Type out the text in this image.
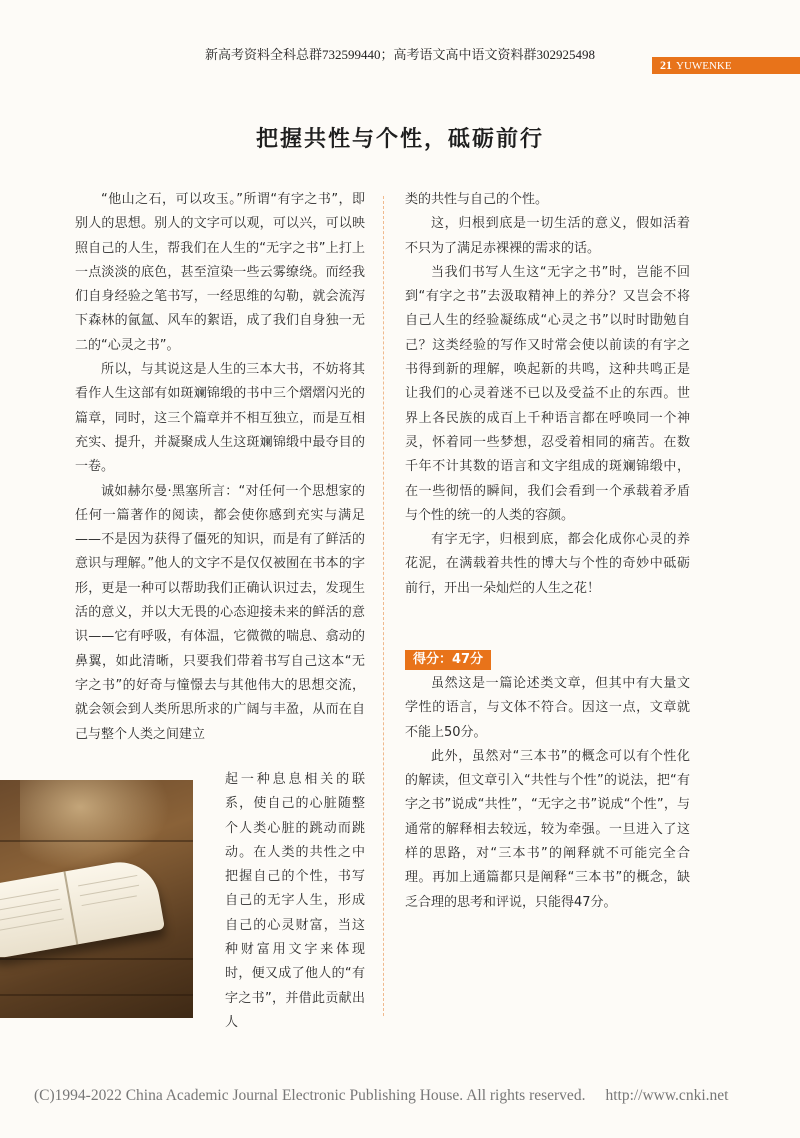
新高考资料全科总群732599440；高考语文高中语文资料群302925498
21 YUWENKE
把握共性与个性，砥砺前行

“他山之石，可以攻玉。”所谓“有字之书”，即别人的思想。别人的文字可以观，可以兴，可以映照自己的人生，帮我们在人生的“无字之书”上打上一点淡淡的底色，甚至渲染一些云雾缭绕。而经我们自身经验之笔书写，一经思维的勾勒，就会流泻下森林的氤氲、风车的絮语，成了我们自身独一无二的“心灵之书”。

所以，与其说这是人生的三本大书，不妨将其看作人生这部有如斑斓锦缎的书中三个熠熠闪光的篇章，同时，这三个篇章并不相互独立，而是互相充实、提升，并凝聚成人生这斑斓锦缎中最夺目的一卷。

诚如赫尔曼·黑塞所言：“对任何一个思想家的任何一篇著作的阅读，都会使你感到充实与满足——不是因为获得了僵死的知识，而是有了鲜活的意识与理解。”他人的文字不是仅仅被囿在书本的字形，更是一种可以帮助我们正确认识过去，发现生活的意义，并以大无畏的心态迎接未来的鲜活的意识——它有呼吸，有体温，它微微的喘息、翕动的鼻翼，如此清晰，只要我们带着书写自己这本“无字之书”的好奇与憧憬去与其他伟大的思想交流，就会领会到人类所思所求的广阔与丰盈，从而在自己与整个人类之间建立

起一种息息相关的联系，使自己的心脏随整个人类心脏的跳动而跳动。在人类的共性之中把握自己的个性，书写自己的无字人生，形成自己的心灵财富，当这种财富用文字来体现时，便又成了他人的“有字之书”，并借此贡献出人

类的共性与自己的个性。

这，归根到底是一切生活的意义，假如活着不只为了满足赤裸裸的需求的话。

当我们书写人生这“无字之书”时，岂能不回到“有字之书”去汲取精神上的养分？又岂会不将自己人生的经验凝练成“心灵之书”以时时勖勉自己？这类经验的写作又时常会使以前读的有字之书得到新的理解，唤起新的共鸣，这种共鸣正是让我们的心灵着迷不已以及受益不止的东西。世界上各民族的成百上千种语言都在呼唤同一个神灵，怀着同一些梦想，忍受着相同的痛苦。在数千年不计其数的语言和文字组成的斑斓锦缎中，在一些彻悟的瞬间，我们会看到一个承载着矛盾与个性的统一的人类的容颜。

有字无字，归根到底，都会化成你心灵的养花泥，在满载着共性的博大与个性的奇妙中砥砺前行，开出一朵灿烂的人生之花！

得分：47分

虽然这是一篇论述类文章，但其中有大量文学性的语言，与文体不符合。因这一点，文章就不能上50分。

此外，虽然对“三本书”的概念可以有个性化的解读，但文章引入“共性与个性”的说法，把“有字之书”说成“共性”，“无字之书”说成“个性”，与通常的解释相去较远，较为牵强。一旦进入了这样的思路，对“三本书”的阐释就不可能完全合理。再加上通篇都只是阐释“三本书”的概念，缺乏合理的思考和评说，只能得47分。

(C)1994-2022 China Academic Journal Electronic Publishing House. All rights reserved. http://www.cnki.net
